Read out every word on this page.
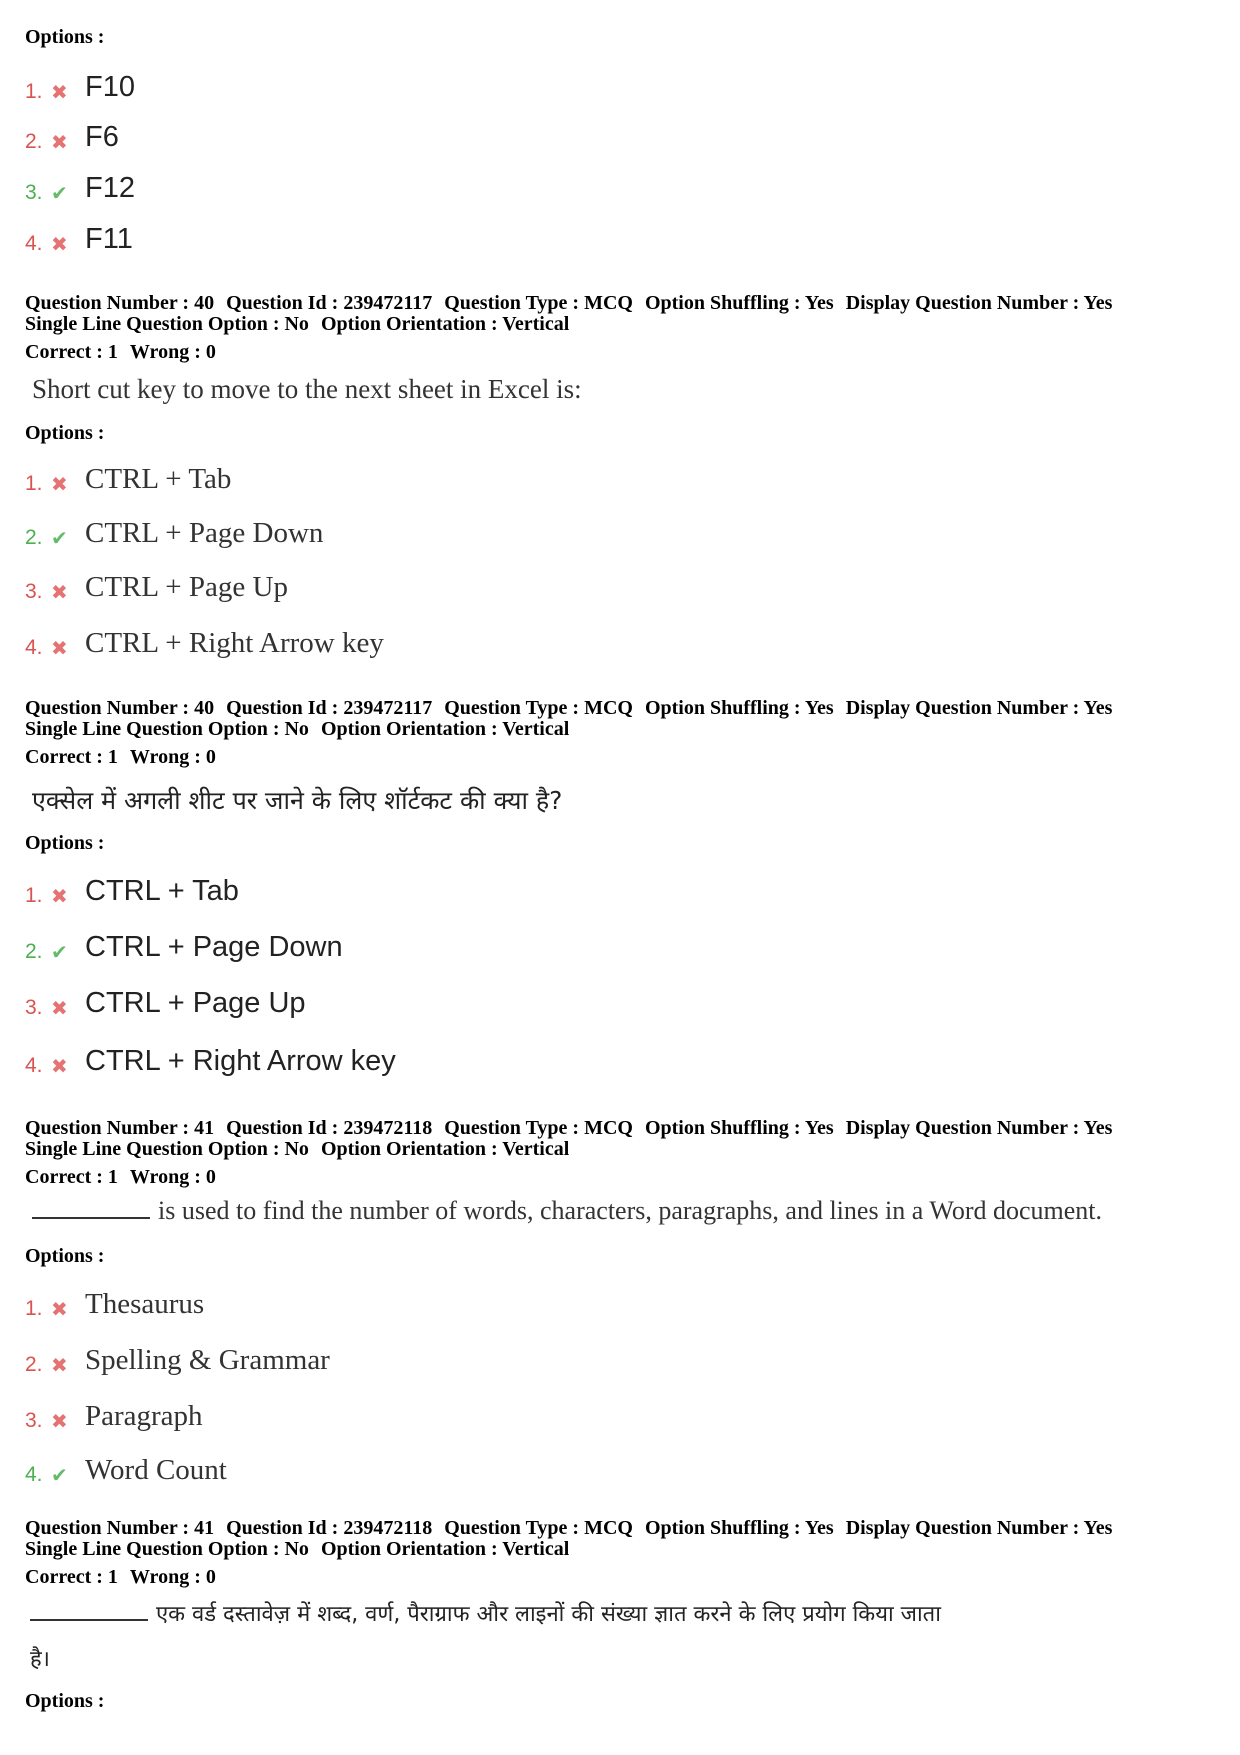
Options :
1. ✖ F10
2. ✖ F6
3. ✔ F12
4. ✖ F11
Question Number : 40 Question Id : 239472117 Question Type : MCQ Option Shuffling : Yes Display Question Number : Yes
Single Line Question Option : No Option Orientation : Vertical
Correct : 1 Wrong : 0
Short cut key to move to the next sheet in Excel is:
Options :
1. ✖ CTRL + Tab
2. ✔ CTRL + Page Down
3. ✖ CTRL + Page Up
4. ✖ CTRL + Right Arrow key
Question Number : 40 Question Id : 239472117 Question Type : MCQ Option Shuffling : Yes Display Question Number : Yes
Single Line Question Option : No Option Orientation : Vertical
Correct : 1 Wrong : 0
एक्सेल में अगली शीट पर जाने के लिए शॉर्टकट की क्या है?
Options :
1. ✖ CTRL + Tab
2. ✔ CTRL + Page Down
3. ✖ CTRL + Page Up
4. ✖ CTRL + Right Arrow key
Question Number : 41 Question Id : 239472118 Question Type : MCQ Option Shuffling : Yes Display Question Number : Yes
Single Line Question Option : No Option Orientation : Vertical
Correct : 1 Wrong : 0
is used to find the number of words, characters, paragraphs, and lines in a Word document.
Options :
1. ✖ Thesaurus
2. ✖ Spelling & Grammar
3. ✖ Paragraph
4. ✔ Word Count
Question Number : 41 Question Id : 239472118 Question Type : MCQ Option Shuffling : Yes Display Question Number : Yes
Single Line Question Option : No Option Orientation : Vertical
Correct : 1 Wrong : 0
एक वर्ड दस्तावेज़ में शब्द, वर्ण, पैराग्राफ और लाइनों की संख्या ज्ञात करने के लिए प्रयोग किया जाता
है।
Options :
